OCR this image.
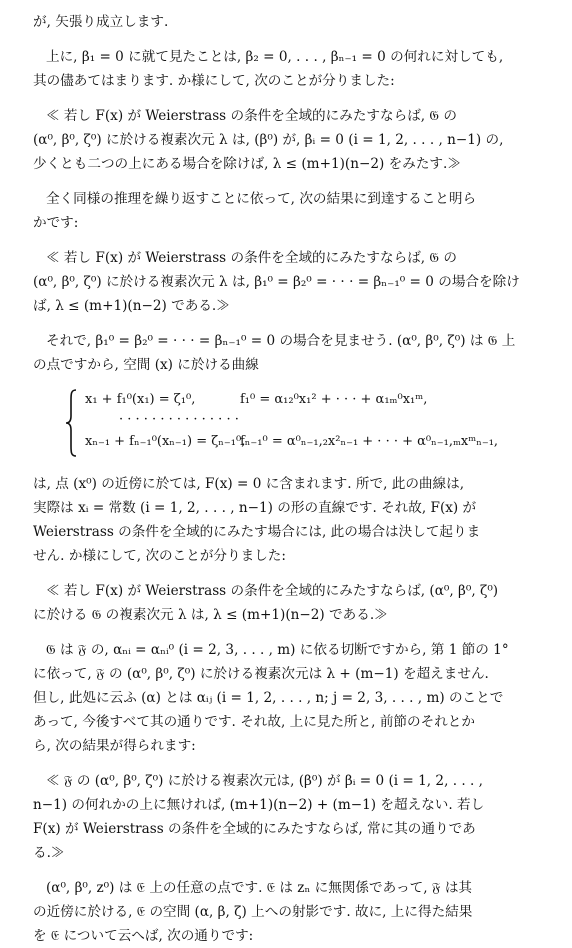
が, 矢張り成立します.

上に, β₁ = 0 に就て見たことは, β₂ = 0, . . . , βₙ₋₁ = 0 の何れに対しても,
其の儘あてはまります. か様にして, 次のことが分りました:

≪ 若し F(x) が Weierstrass の条件を全域的にみたすならば, 𝔊 の
(α⁰, β⁰, ζ⁰) に於ける複素次元 λ は, (β⁰) が, βᵢ = 0 (i = 1, 2, . . . , n−1) の,
少くとも二つの上にある場合を除けば, λ ≤ (m+1)(n−2) をみたす.≫

全く同様の推理を繰り返すことに依って, 次の結果に到達すること明ら
かです:

≪ 若し F(x) が Weierstrass の条件を全域的にみたすならば, 𝔊 の
(α⁰, β⁰, ζ⁰) に於ける複素次元 λ は, β₁⁰ = β₂⁰ = · · · = βₙ₋₁⁰ = 0 の場合を除け
ば, λ ≤ (m+1)(n−2) である.≫

それで, β₁⁰ = β₂⁰ = · · · = βₙ₋₁⁰ = 0 の場合を見ませう. (α⁰, β⁰, ζ⁰) は 𝔊 上
の点ですから, 空間 (x) に於ける曲線

x₁ + f₁⁰(x₁) = ζ₁⁰,	f₁⁰ = α₁₂⁰x₁² + · · · + α₁ₘ⁰x₁ᵐ,
· · · · · · · · · · · · · · ·
xₙ₋₁ + fₙ₋₁⁰(xₙ₋₁) = ζₙ₋₁⁰,
fₙ₋₁⁰ = α⁰ₙ₋₁,₂x²ₙ₋₁ + · · · + α⁰ₙ₋₁,ₘxᵐₙ₋₁,

は, 点 (x⁰) の近傍に於ては, F(x) = 0 に含まれます. 所で, 此の曲線は,
実際は xᵢ = 常数 (i = 1, 2, . . . , n−1) の形の直線です. それ故, F(x) が
Weierstrass の条件を全域的にみたす場合には, 此の場合は決して起りま
せん. か様にして, 次のことが分りました:

≪ 若し F(x) が Weierstrass の条件を全域的にみたすならば, (α⁰, β⁰, ζ⁰)
に於ける 𝔊 の複素次元 λ は, λ ≤ (m+1)(n−2) である.≫

𝔊 は 𝔉 の, αₙᵢ = αₙᵢ⁰ (i = 2, 3, . . . , m) に依る切断ですから, 第 1 節の 1°
に依って, 𝔉 の (α⁰, β⁰, ζ⁰) に於ける複素次元は λ + (m−1) を超えません.
但し, 此処に云ふ (α) とは αᵢⱼ (i = 1, 2, . . . , n; j = 2, 3, . . . , m) のことで
あって, 今後すべて其の通りです. それ故, 上に見た所と, 前節のそれとか
ら, 次の結果が得られます:

≪ 𝔉 の (α⁰, β⁰, ζ⁰) に於ける複素次元は, (β⁰) が βᵢ = 0 (i = 1, 2, . . . ,
n−1) の何れかの上に無ければ, (m+1)(n−2) + (m−1) を超えない. 若し
F(x) が Weierstrass の条件を全域的にみたすならば, 常に其の通りであ
る.≫

(α⁰, β⁰, z⁰) は 𝔈 上の任意の点です. 𝔈 は zₙ に無関係であって, 𝔉 は其
の近傍に於ける, 𝔈 の空間 (α, β, ζ) 上への射影です. 故に, 上に得た結果
を 𝔈 について云へば, 次の通りです:
